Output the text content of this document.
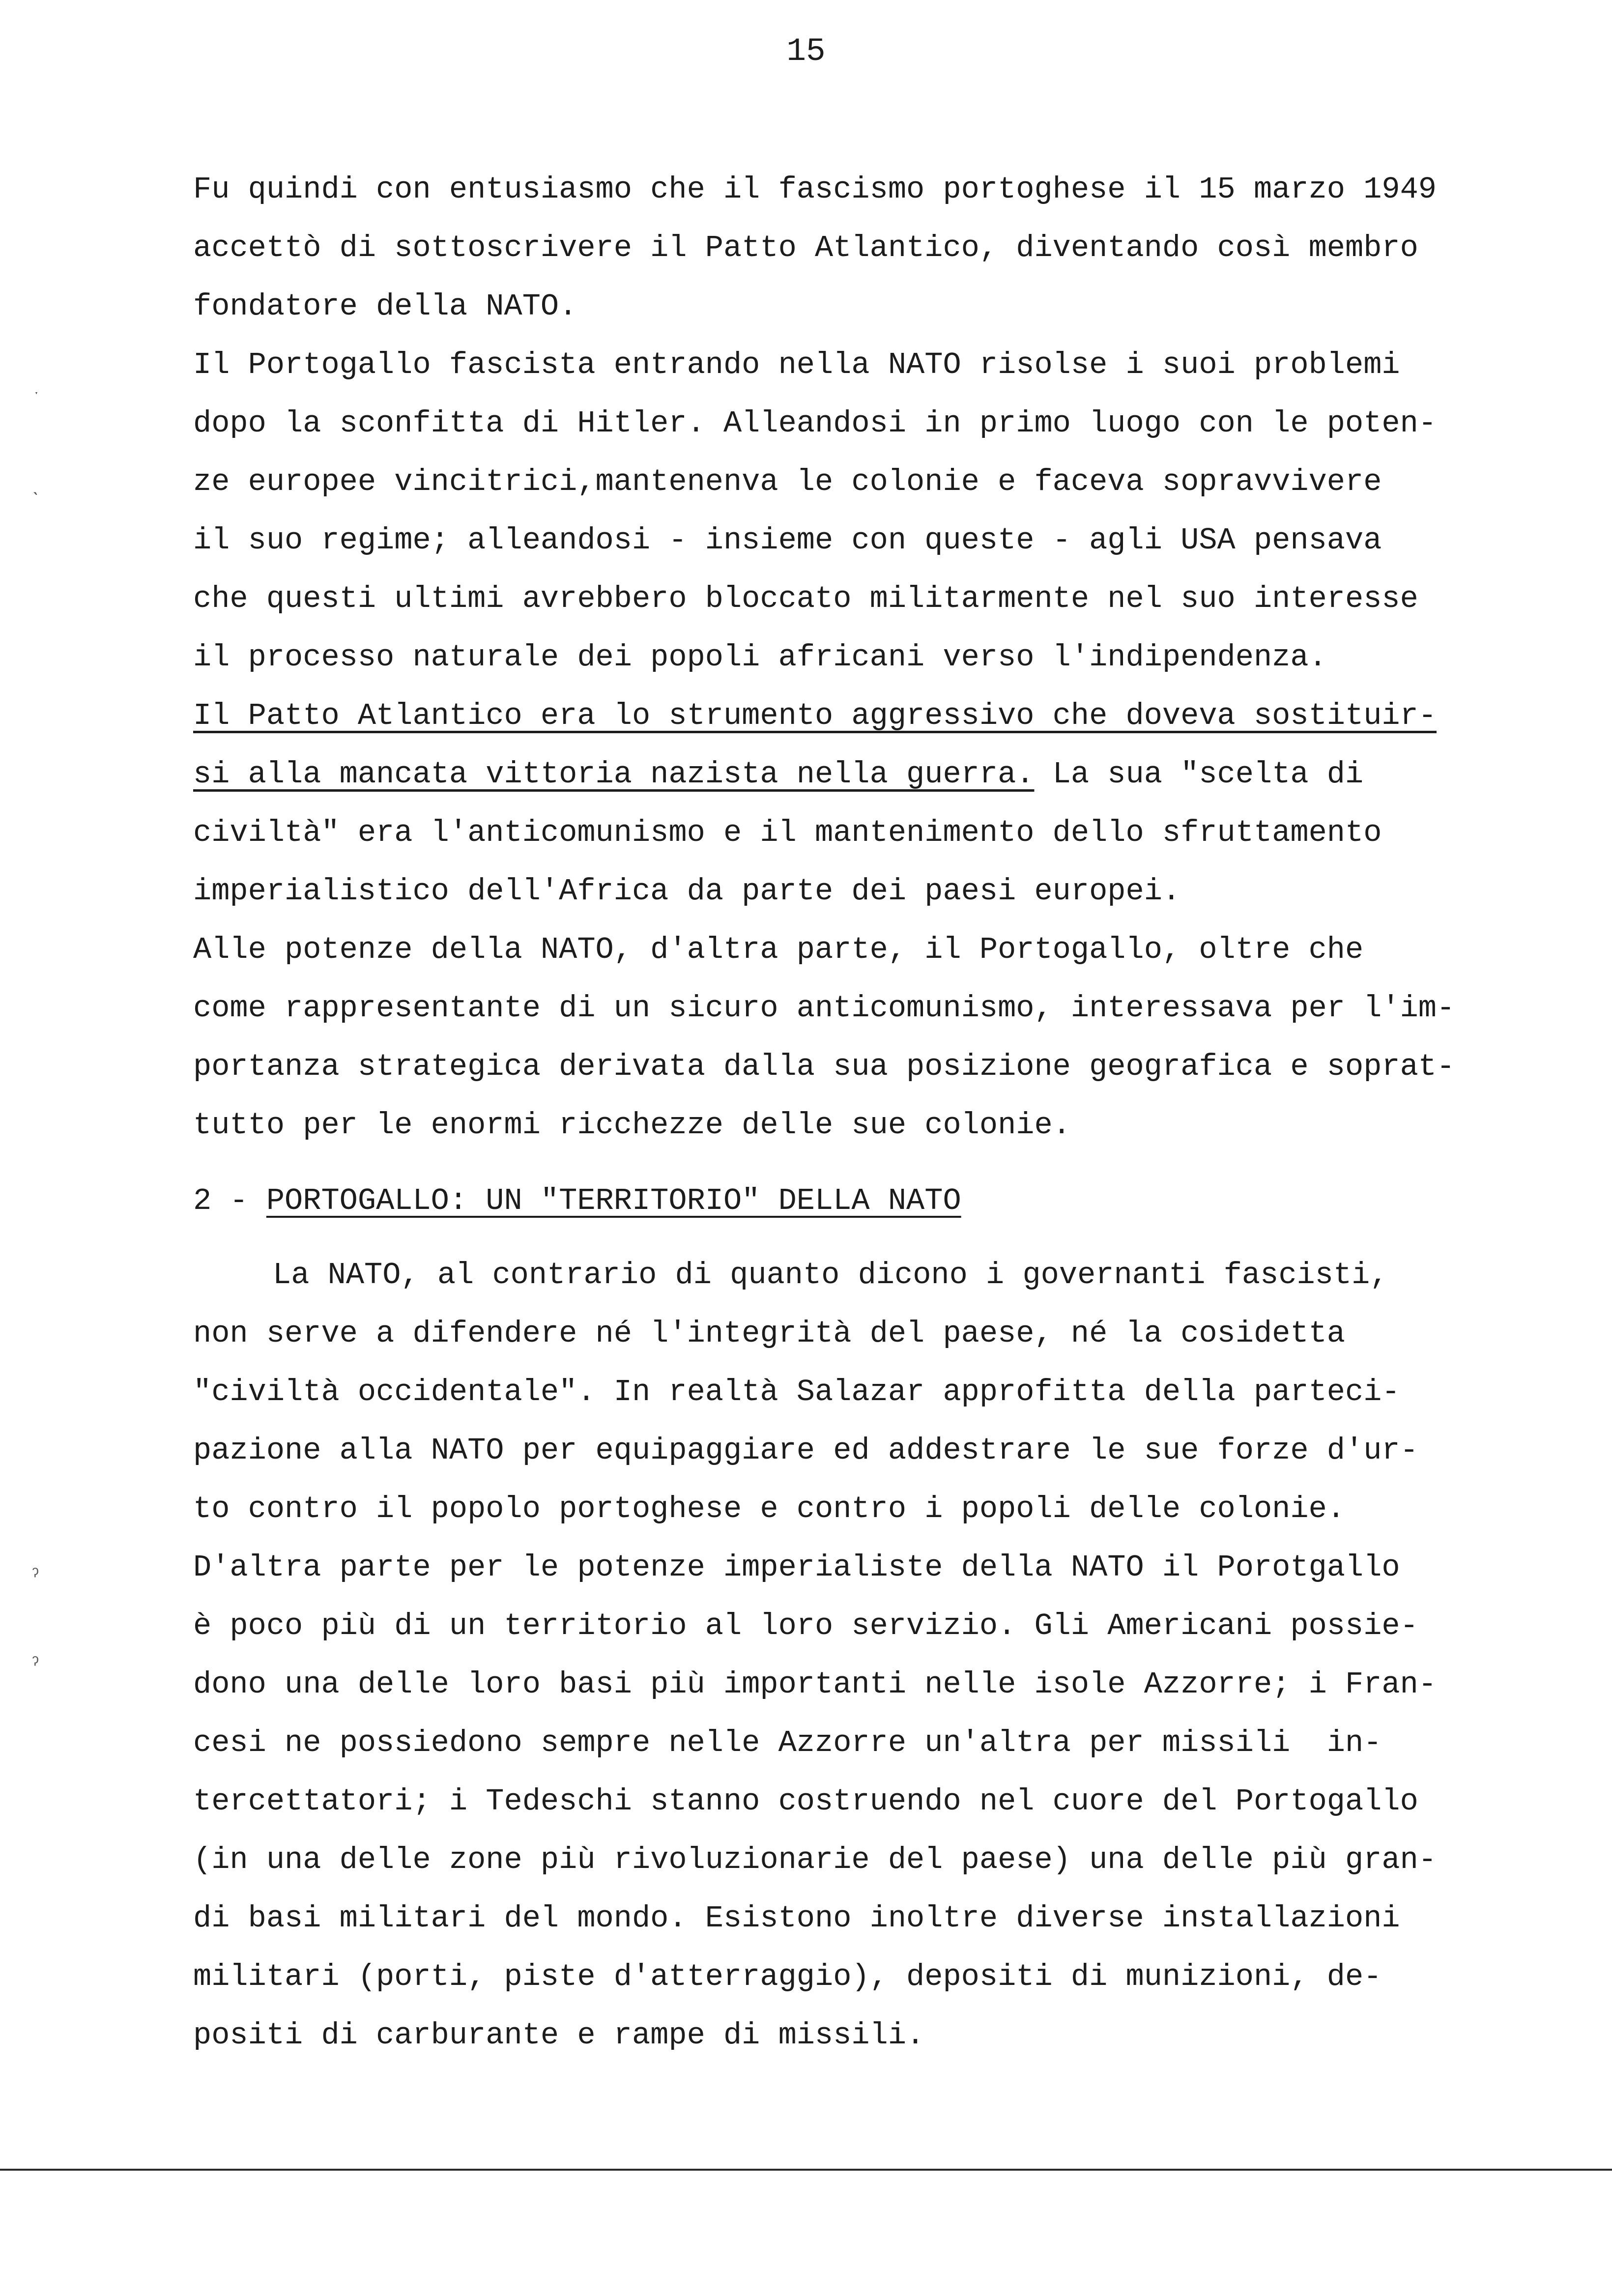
15
Fu quindi con entusiasmo che il fascismo portoghese il 15 marzo 1949
accettò di sottoscrivere il Patto Atlantico, diventando così membro
fondatore della NATO.
Il Portogallo fascista entrando nella NATO risolse i suoi problemi
dopo la sconfitta di Hitler. Alleandosi in primo luogo con le poten-
ze europee vincitrici,mantenenva le colonie e faceva sopravvivere
il suo regime; alleandosi - insieme con queste - agli USA pensava
che questi ultimi avrebbero bloccato militarmente nel suo interesse
il processo naturale dei popoli africani verso l'indipendenza.
Il Patto Atlantico era lo strumento aggressivo che doveva sostituir-
si alla mancata vittoria nazista nella guerra. La sua "scelta di
civiltà" era l'anticomunismo e il mantenimento dello sfruttamento
imperialistico dell'Africa da parte dei paesi europei.
Alle potenze della NATO, d'altra parte, il Portogallo, oltre che
come rappresentante di un sicuro anticomunismo, interessava per l'im-
portanza strategica derivata dalla sua posizione geografica e soprat-
tutto per le enormi ricchezze delle sue colonie.
2 - PORTOGALLO: UN "TERRITORIO" DELLA NATO
La NATO, al contrario di quanto dicono i governanti fascisti,
non serve a difendere né l'integrità del paese, né la cosidetta
"civiltà occidentale". In realtà Salazar approfitta della parteci-
pazione alla NATO per equipaggiare ed addestrare le sue forze d'ur-
to contro il popolo portoghese e contro i popoli delle colonie.
D'altra parte per le potenze imperialiste della NATO il Porotgallo
è poco più di un territorio al loro servizio. Gli Americani possie-
dono una delle loro basi più importanti nelle isole Azzorre; i Fran-
cesi ne possiedono sempre nelle Azzorre un'altra per missili  in-
tercettatori; i Tedeschi stanno costruendo nel cuore del Portogallo
(in una delle zone più rivoluzionarie del paese) una delle più gran-
di basi militari del mondo. Esistono inoltre diverse installazioni
militari (porti, piste d'atterraggio), depositi di munizioni, de-
positi di carburante e rampe di missili.
ˑ
ˎ
ˀ
ˀ
